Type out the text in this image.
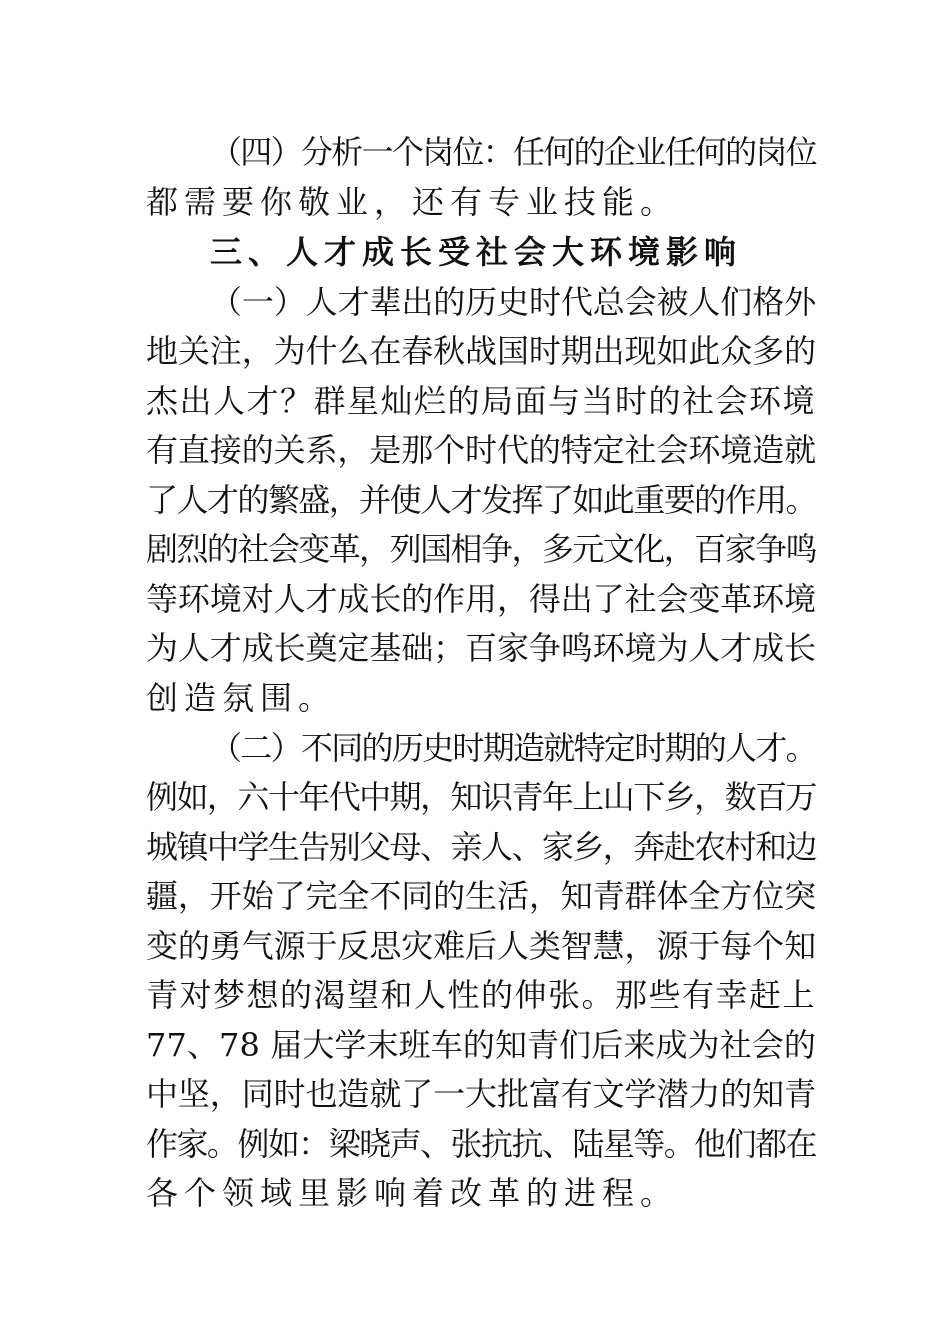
（四）分析一个岗位：任何的企业任何的岗位
都需要你敬业，还有专业技能。
三、人才成长受社会大环境影响
（一）人才辈出的历史时代总会被人们格外
地关注，为什么在春秋战国时期出现如此众多的
杰出人才？群星灿烂的局面与当时的社会环境
有直接的关系，是那个时代的特定社会环境造就
了人才的繁盛，并使人才发挥了如此重要的作用。
剧烈的社会变革，列国相争，多元文化，百家争鸣
等环境对人才成长的作用，得出了社会变革环境
为人才成长奠定基础；百家争鸣环境为人才成长
创造氛围。
（二）不同的历史时期造就特定时期的人才。
例如，六十年代中期，知识青年上山下乡，数百万
城镇中学生告别父母、亲人、家乡，奔赴农村和边
疆，开始了完全不同的生活，知青群体全方位突
变的勇气源于反思灾难后人类智慧，源于每个知
青对梦想的渴望和人性的伸张。那些有幸赶上
77、78 届大学末班车的知青们后来成为社会的
中坚，同时也造就了一大批富有文学潜力的知青
作家。例如：梁晓声、张抗抗、陆星等。他们都在
各个领域里影响着改革的进程。
